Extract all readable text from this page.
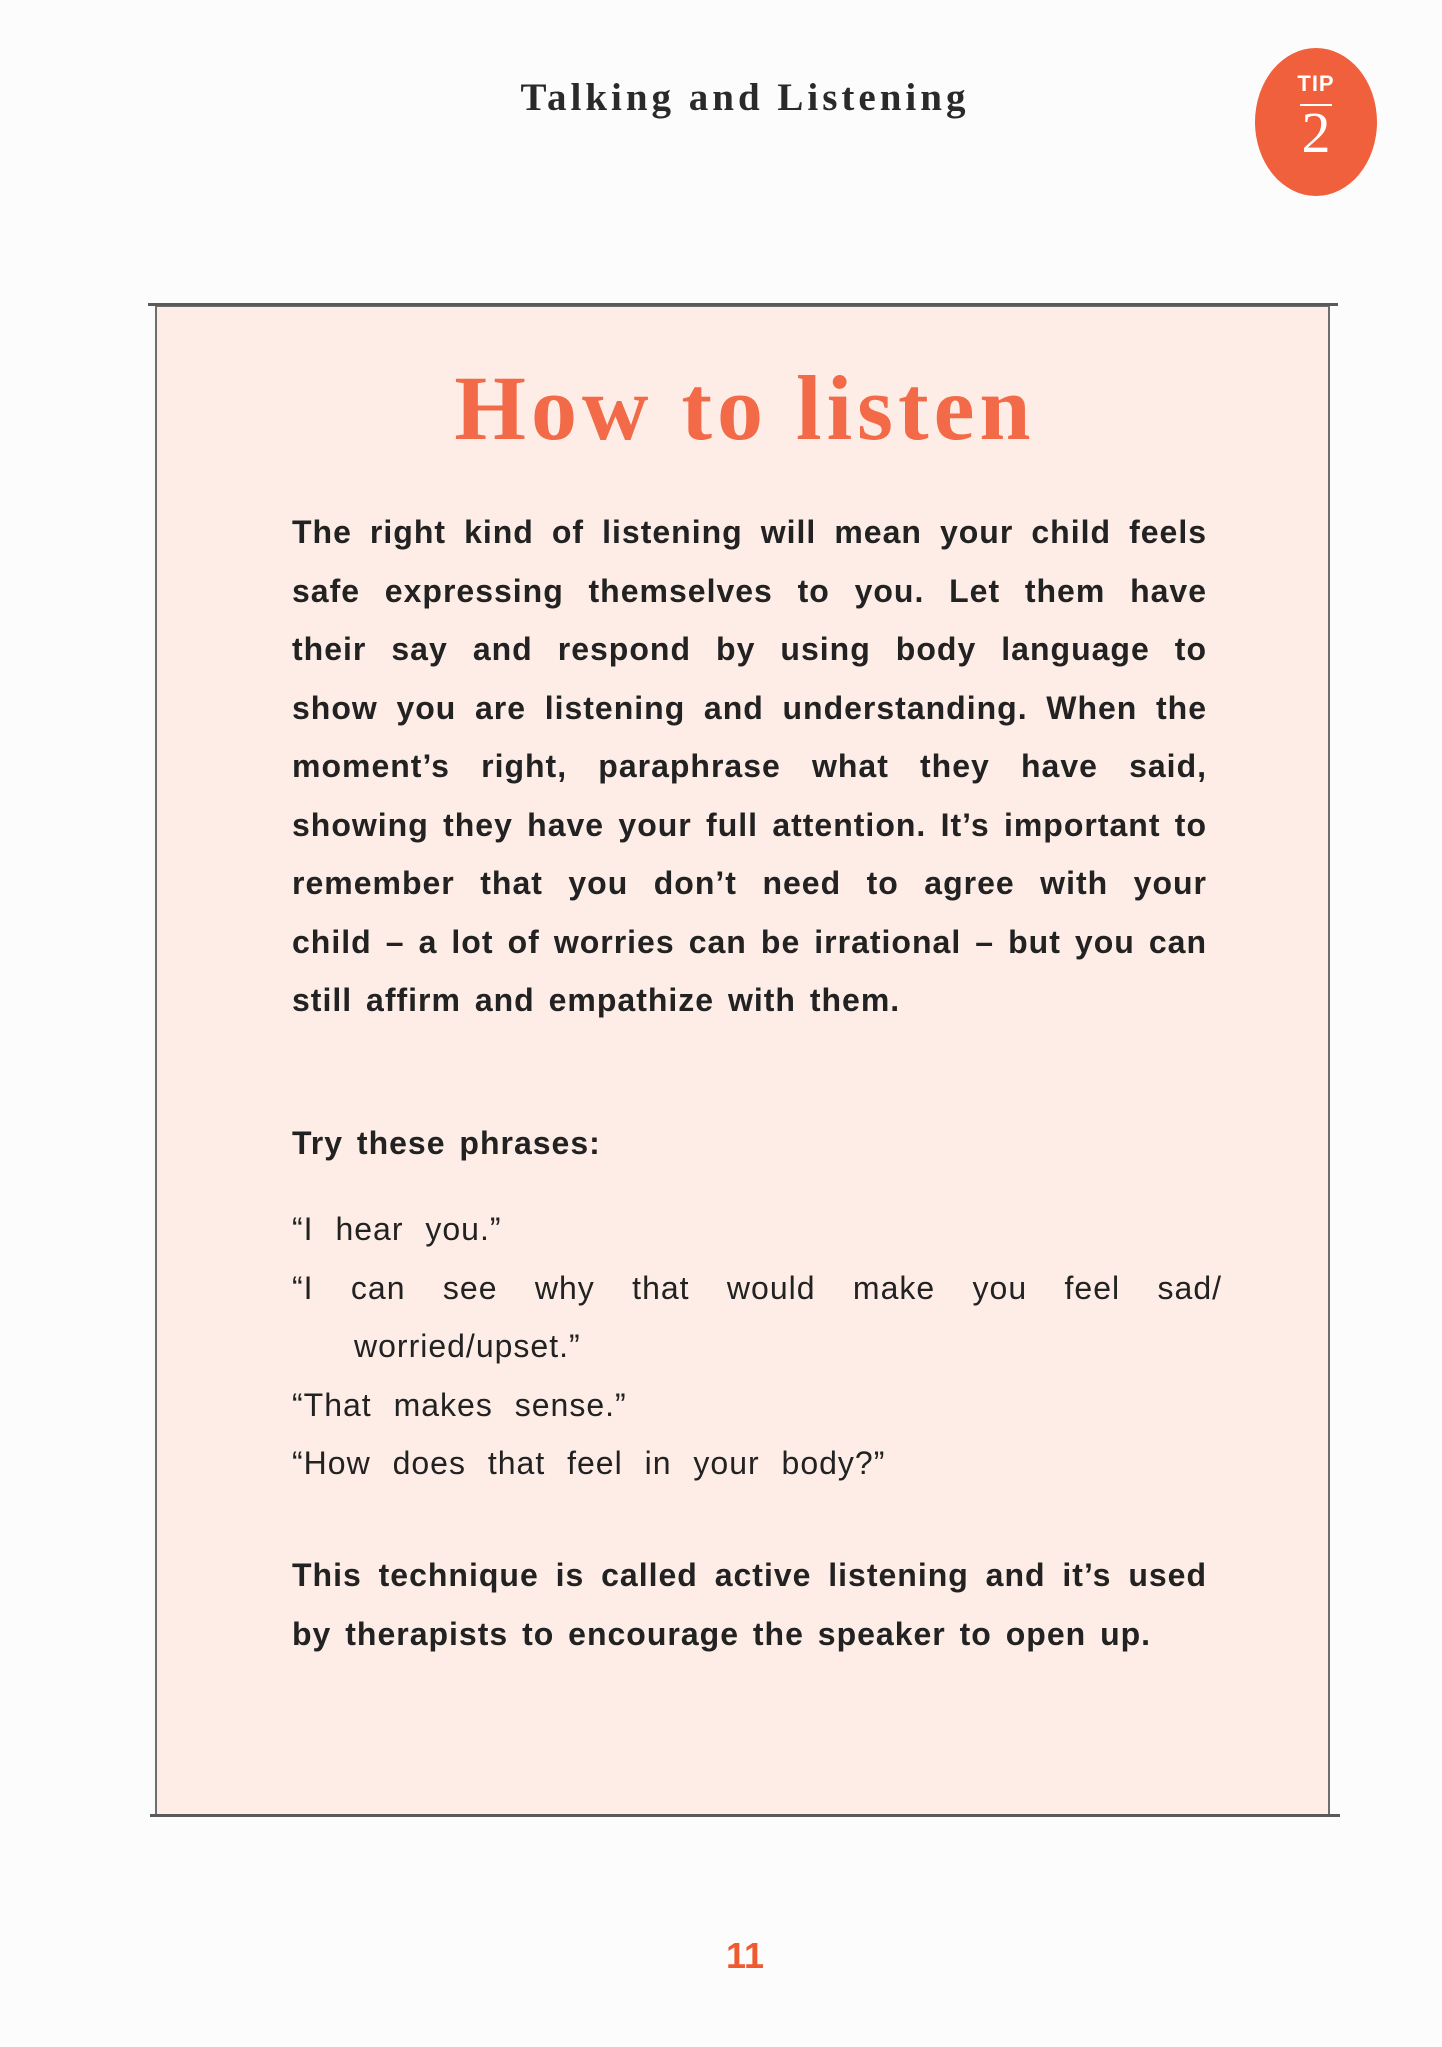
Talking and Listening	TIP
2
How to listen

The right kind of listening will mean your child feels safe expressing themselves to you. Let them have their say and respond by using body language to show you are listening and understanding. When the moment’s right, paraphrase what they have said, showing they have your full attention. It’s important to remember that you don’t need to agree with your child – a lot of worries can be irrational – but you can still affirm and empathize with them.

Try these phrases:

“I hear you.”
“I can see why that would make you feel sad/ worried/upset.”
“That makes sense.”
“How does that feel in your body?”

This technique is called active listening and it’s used by therapists to encourage the speaker to open up.

11
